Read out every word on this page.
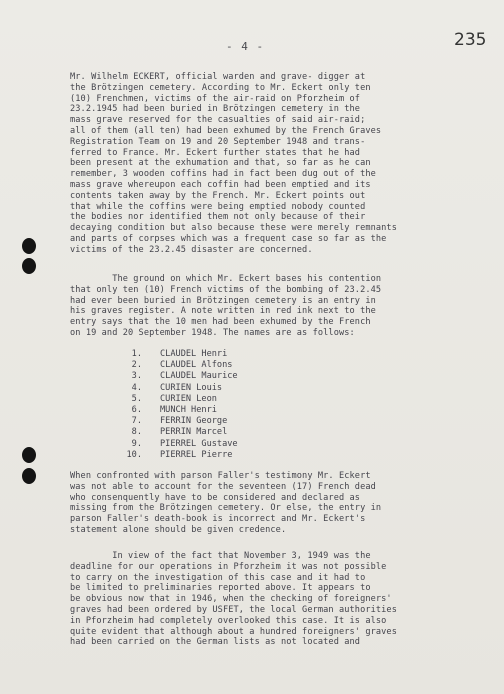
- 4 -	235

Mr. Wilhelm ECKERT, official warden and grave- digger at
the Brötzingen cemetery. According to Mr. Eckert only ten
(10) Frenchmen, victims of the air-raid on Pforzheim of
23.2.1945 had been buried in Brötzingen cemetery in the
mass grave reserved for the casualties of said air-raid;
all of them (all ten) had been exhumed by the French Graves
Registration Team on 19 and 20 September 1948 and trans-
ferred to France. Mr. Eckert further states that he had
been present at the exhumation and that, so far as he can
remember, 3 wooden coffins had in fact been dug out of the
mass grave whereupon each coffin had been emptied and its
contents taken away by the French. Mr. Eckert points out
that while the coffins were being emptied nobody counted
the bodies nor identified them not only because of their
decaying condition but also because these were merely remnants
and parts of corpses which was a frequent case so far as the
victims of the 23.2.45 disaster are concerned.

The ground on which Mr. Eckert bases his contention
that only ten (10) French victims of the bombing of 23.2.45
had ever been buried in Brötzingen cemetery is an entry in
his graves register. A note written in red ink next to the
entry says that the 10 men had been exhumed by the French
on 19 and 20 September 1948. The names are as follows:

1. CLAUDEL Henri
2. CLAUDEL Alfons
3. CLAUDEL Maurice
4. CURIEN Louis
5. CURIEN Leon
6. MUNCH Henri
7. FERRIN George
8. PERRIN Marcel
9. PIERREL Gustave
10. PIERREL Pierre

When confronted with parson Faller's testimony Mr. Eckert
was not able to account for the seventeen (17) French dead
who consenquently have to be considered and declared as
missing from the Brötzingen cemetery. Or else, the entry in
parson Faller's death-book is incorrect and Mr. Eckert's
statement alone should be given credence.

In view of the fact that November 3, 1949 was the
deadline for our operations in Pforzheim it was not possible
to carry on the investigation of this case and it had to
be limited to preliminaries reported above. It appears to
be obvious now that in 1946, when the checking of foreigners'
graves had been ordered by USFET, the local German authorities
in Pforzheim had completely overlooked this case. It is also
quite evident that although about a hundred foreigners' graves
had been carried on the German lists as not located and
